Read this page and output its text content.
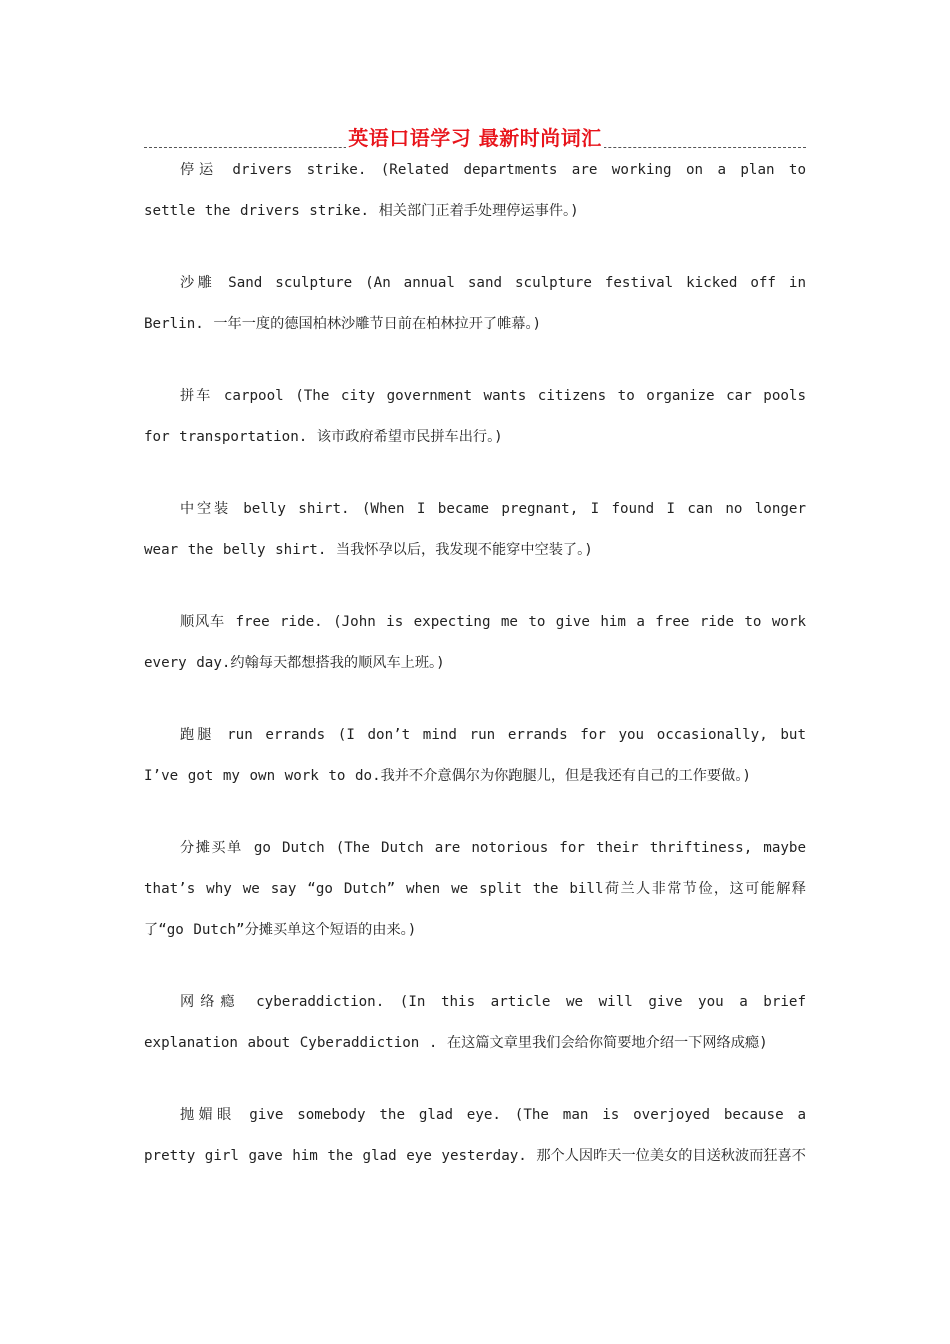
英语口语学习 最新时尚词汇

停运 drivers strike. (Related departments are working on a plan to settle the drivers strike. 相关部门正着手处理停运事件。)

沙雕 Sand sculpture (An annual sand sculpture festival kicked off in Berlin. 一年一度的德国柏林沙雕节日前在柏林拉开了帷幕。)

拼车 carpool (The city government wants citizens to organize car pools for transportation. 该市政府希望市民拼车出行。)

中空装 belly shirt. (When I became pregnant, I found I can no longer wear the belly shirt. 当我怀孕以后，我发现不能穿中空装了。)

顺风车 free ride. (John is expecting me to give him a free ride to work every day.约翰每天都想搭我的顺风车上班。)

跑腿 run errands (I don’t mind run errands for you occasionally, but I’ve got my own work to do.我并不介意偶尔为你跑腿儿，但是我还有自己的工作要做。)

分摊买单 go Dutch (The Dutch are notorious for their thriftiness, maybe that’s why we say “go Dutch” when we split the bill荷兰人非常节俭，这可能解释了“go Dutch”分摊买单这个短语的由来。)

网络瘾 cyberaddiction. (In this article we will give you a brief explanation about Cyberaddiction . 在这篇文章里我们会给你简要地介绍一下网络成瘾)

抛媚眼 give somebody the glad eye. (The man is overjoyed because a pretty girl gave him the glad eye yesterday. 那个人因昨天一位美女的目送秋波而狂喜不
